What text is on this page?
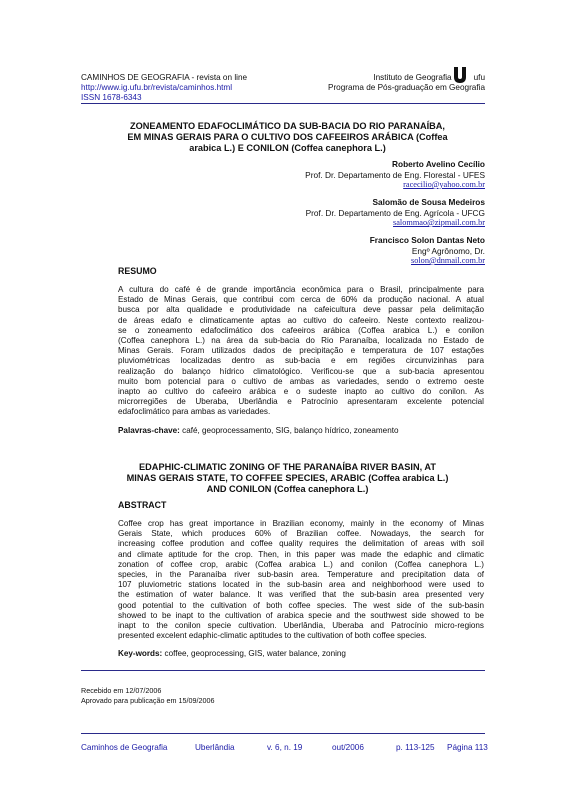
CAMINHOS DE GEOGRAFIA - revista on line
http://www.ig.ufu.br/revista/caminhos.html
ISSN 1678-6343
Instituto de Geografia	ufu
Programa de Pós-graduação em Geografia
ZONEAMENTO EDAFOCLIMÁTICO DA SUB-BACIA DO RIO PARANAÍBA,
EM MINAS GERAIS PARA O CULTIVO DOS CAFEEIROS ARÁBICA (Coffea
arabica L.) E CONILON (Coffea canephora L.)
Roberto Avelino Cecílio
Prof. Dr. Departamento de Eng. Florestal - UFES
racecilio@yahoo.com.br
Salomão de Sousa Medeiros
Prof. Dr. Departamento de Eng. Agrícola - UFCG
salommao@zipmail.com.br
Francisco Solon Dantas Neto
Engº Agrônomo, Dr.
solon@dnmail.com.br
RESUMO
A cultura do café é de grande importância econômica para o Brasil, principalmente para
Estado de Minas Gerais, que contribui com cerca de 60% da produção nacional. A atual
busca por alta qualidade e produtividade na cafeicultura deve passar pela delimitação
de áreas edafo e climaticamente aptas ao cultivo do cafeeiro. Neste contexto realizou-
se o zoneamento edafoclimático dos cafeeiros arábica (Coffea arabica L.) e conilon
(Coffea canephora L.) na área da sub-bacia do Rio Paranaíba, localizada no Estado de
Minas Gerais. Foram utilizados dados de precipitação e temperatura de 107 estações
pluviométricas localizadas dentro as sub-bacia e em regiões circunvizinhas para
realização do balanço hídrico climatológico. Verificou-se que a sub-bacia apresentou
muito bom potencial para o cultivo de ambas as variedades, sendo o extremo oeste
inapto ao cultivo do cafeeiro arábica e o sudeste inapto ao cultivo do conilon. As
microrregiões de Uberaba, Uberlândia e Patrocínio apresentaram excelente potencial
edafoclimático para ambas as variedades.
Palavras-chave: café, geoprocessamento, SIG, balanço hídrico, zoneamento
EDAPHIC-CLIMATIC ZONING OF THE PARANAÍBA RIVER BASIN, AT
MINAS GERAIS STATE, TO COFFEE SPECIES, ARABIC (Coffea arabica L.)
AND CONILON (Coffea canephora L.)
ABSTRACT
Coffee crop has great importance in Brazilian economy, mainly in the economy of Minas
Gerais State, which produces 60% of Brazilian coffee. Nowadays, the search for
increasing coffee prodution and coffee quality requires the delimitation of areas with soil
and climate aptitude for the crop. Then, in this paper was made the edaphic and climatic
zonation of coffee crop, arabic (Coffea arabica L.) and conilon (Coffea canephora L.)
species, in the Paranaíba river sub-basin area. Temperature and precipitation data of
107 pluviometric stations located in the sub-basin area and neighborhood were used to
the estimation of water balance. It was verified that the sub-basin area presented very
good potential to the cultivation of both coffee species. The west side of the sub-basin
showed to be inapt to the cultivation of arabica specie and the southwest side showed to be
inapt to the conilon specie cultivation. Uberlândia, Uberaba and Patrocínio micro-regions
presented excelent edaphic-climatic aptitudes to the cultivation of both coffee species.
Key-words: coffee, geoprocessing, GIS, water balance, zoning
Recebido em 12/07/2006
Aprovado para publicação em 15/09/2006
Caminhos de Geografia	Uberlândia	v. 6, n. 19	out/2006	p. 113-125 Página 113
